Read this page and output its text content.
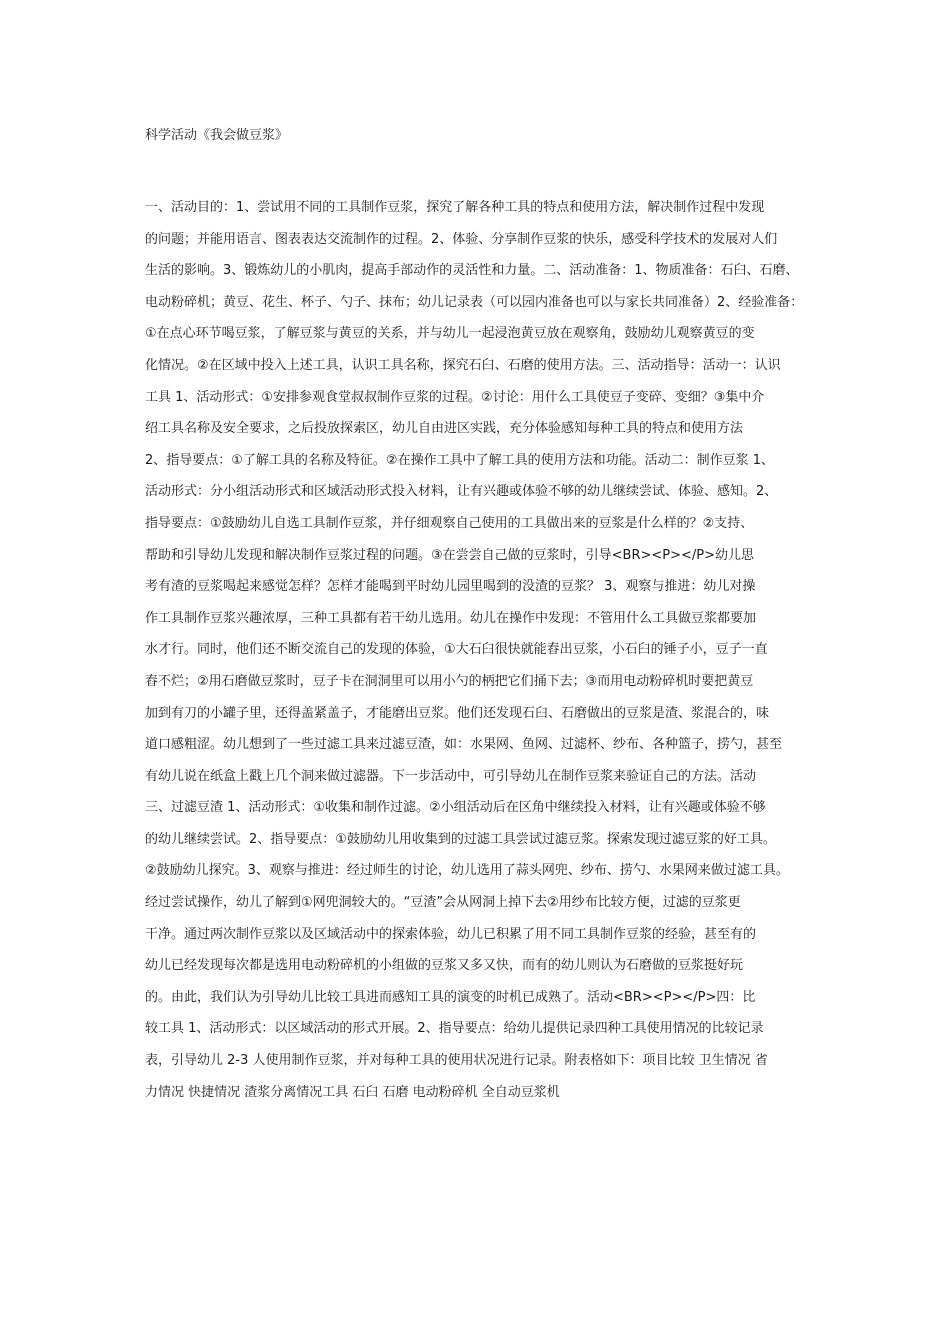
科学活动《我会做豆浆》
一、活动目的：1、尝试用不同的工具制作豆浆，探究了解各种工具的特点和使用方法，解决制作过程中发现
的问题；并能用语言、图表表达交流制作的过程。2、体验、分享制作豆浆的快乐，感受科学技术的发展对人们
生活的影响。3、锻炼幼儿的小肌肉，提高手部动作的灵活性和力量。二、活动准备：1、物质准备：石臼、石磨、
电动粉碎机；黄豆、花生、杯子、勺子、抹布；幼儿记录表（可以园内准备也可以与家长共同准备）2、经验准备：
①在点心环节喝豆浆，了解豆浆与黄豆的关系，并与幼儿一起浸泡黄豆放在观察角，鼓励幼儿观察黄豆的变
化情况。②在区域中投入上述工具，认识工具名称，探究石臼、石磨的使用方法。三、活动指导：活动一：认识
工具 1、活动形式：①安排参观食堂叔叔制作豆浆的过程。②讨论：用什么工具使豆子变碎、变细？③集中介
绍工具名称及安全要求，之后投放探索区，幼儿自由进区实践，充分体验感知每种工具的特点和使用方法
2、指导要点：①了解工具的名称及特征。②在操作工具中了解工具的使用方法和功能。活动二：制作豆浆 1、
活动形式：分小组活动形式和区域活动形式投入材料，让有兴趣或体验不够的幼儿继续尝试、体验、感知。2、
指导要点：①鼓励幼儿自选工具制作豆浆，并仔细观察自己使用的工具做出来的豆浆是什么样的？②支持、
帮助和引导幼儿发现和解决制作豆浆过程的问题。③在尝尝自己做的豆浆时，引导<BR><P></P>幼儿思
考有渣的豆浆喝起来感觉怎样？怎样才能喝到平时幼儿园里喝到的没渣的豆浆？ 3、观察与推进：幼儿对操
作工具制作豆浆兴趣浓厚，三种工具都有若干幼儿选用。幼儿在操作中发现：不管用什么工具做豆浆都要加
水才行。同时，他们还不断交流自己的发现的体验，①大石臼很快就能舂出豆浆，小石臼的锤子小，豆子一直
舂不烂；②用石磨做豆浆时，豆子卡在洞洞里可以用小勺的柄把它们捅下去；③而用电动粉碎机时要把黄豆
加到有刀的小罐子里，还得盖紧盖子，才能磨出豆浆。他们还发现石臼、石磨做出的豆浆是渣、浆混合的，味
道口感粗涩。幼儿想到了一些过滤工具来过滤豆渣，如：水果网、鱼网、过滤杯、纱布、各种篮子，捞勺，甚至
有幼儿说在纸盒上戳上几个洞来做过滤器。下一步活动中，可引导幼儿在制作豆浆来验证自己的方法。活动
三、过滤豆渣 1、活动形式：①收集和制作过滤。②小组活动后在区角中继续投入材料，让有兴趣或体验不够
的幼儿继续尝试。2、指导要点：①鼓励幼儿用收集到的过滤工具尝试过滤豆浆。探索发现过滤豆浆的好工具。
②鼓励幼儿探究。3、观察与推进：经过师生的讨论，幼儿选用了蒜头网兜、纱布、捞勺、水果网来做过滤工具。
经过尝试操作，幼儿了解到①网兜洞较大的。“豆渣”会从网洞上掉下去②用纱布比较方便，过滤的豆浆更
干净。通过两次制作豆浆以及区域活动中的探索体验，幼儿已积累了用不同工具制作豆浆的经验，甚至有的
幼儿已经发现每次都是选用电动粉碎机的小组做的豆浆又多又快，而有的幼儿则认为石磨做的豆浆挺好玩
的。由此，我们认为引导幼儿比较工具进而感知工具的演变的时机已成熟了。活动<BR><P></P>四：比
较工具 1、活动形式：以区域活动的形式开展。2、指导要点：给幼儿提供记录四种工具使用情况的比较记录
表，引导幼儿 2-3 人使用制作豆浆，并对每种工具的使用状况进行记录。附表格如下：项目比较 卫生情况 省
力情况 快捷情况 渣浆分离情况工具 石臼 石磨 电动粉碎机 全自动豆浆机
